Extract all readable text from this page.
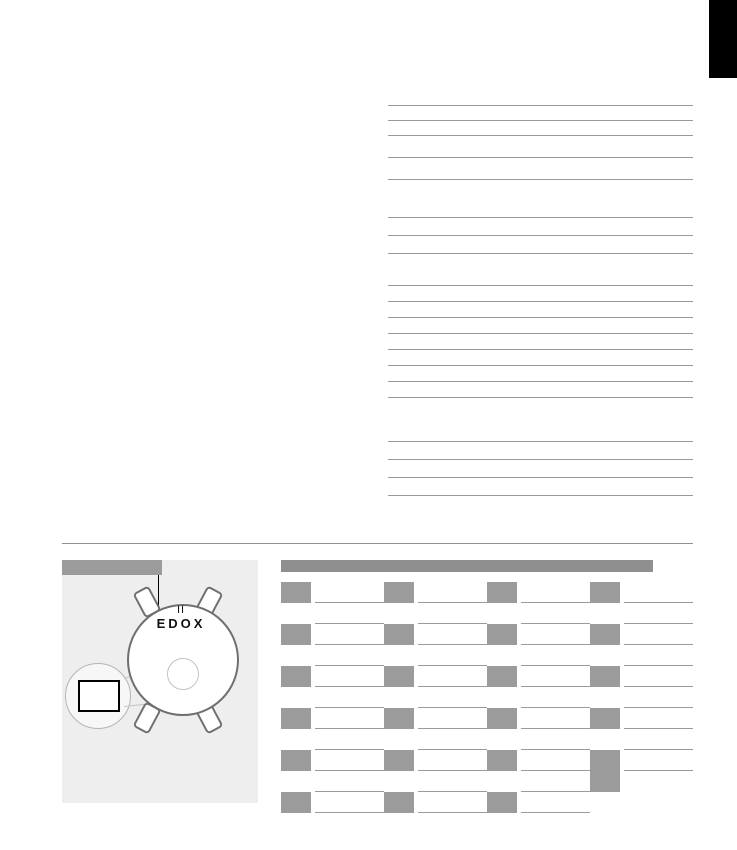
II
EDOX
